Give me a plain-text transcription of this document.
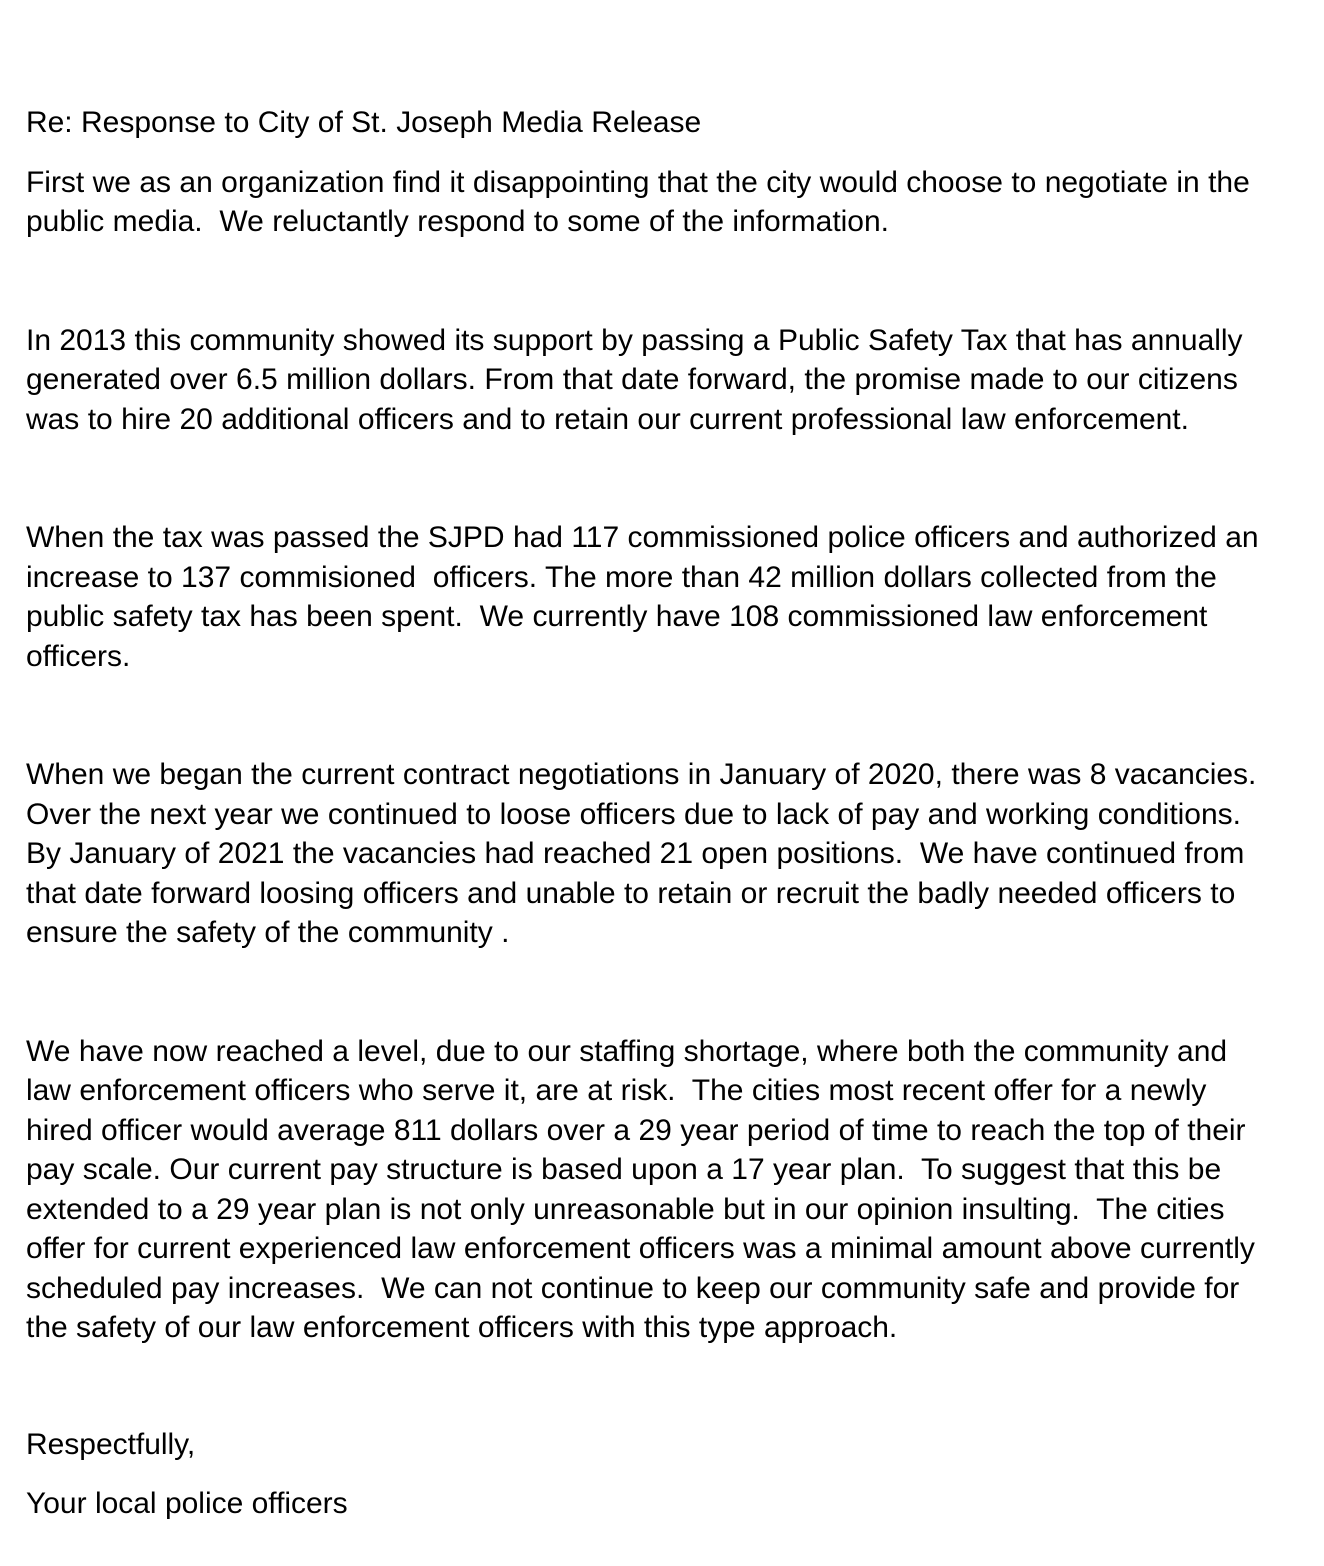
Re: Response to City of St. Joseph Media Release

First we as an organization find it disappointing that the city would choose to negotiate in the public media.  We reluctantly respond to some of the information.

In 2013 this community showed its support by passing a Public Safety Tax that has annually  generated over 6.5 million dollars. From that date forward, the promise made to our citizens was to hire 20 additional officers and to retain our current professional law enforcement.

When the tax was passed the SJPD had 117 commissioned police officers and authorized an increase to 137 commisioned  officers. The more than 42 million dollars collected from the public safety tax has been spent.  We currently have 108 commissioned law enforcement officers.

When we began the current contract negotiations in January of 2020, there was 8 vacancies.  Over the next year we continued to loose officers due to lack of pay and working conditions. By January of 2021 the vacancies had reached 21 open positions.  We have continued from that date forward loosing officers and unable to retain or recruit the badly needed officers to ensure the safety of the community .

We have now reached a level, due to our staffing shortage, where both the community and law enforcement officers who serve it, are at risk.  The cities most recent offer for a newly hired officer would average 811 dollars over a 29 year period of time to reach the top of their pay scale. Our current pay structure is based upon a 17 year plan.  To suggest that this be extended to a 29 year plan is not only unreasonable but in our opinion insulting.  The cities offer for current experienced law enforcement officers was a minimal amount above currently scheduled pay increases.  We can not continue to keep our community safe and provide for the safety of our law enforcement officers with this type approach.

Respectfully,

Your local police officers
